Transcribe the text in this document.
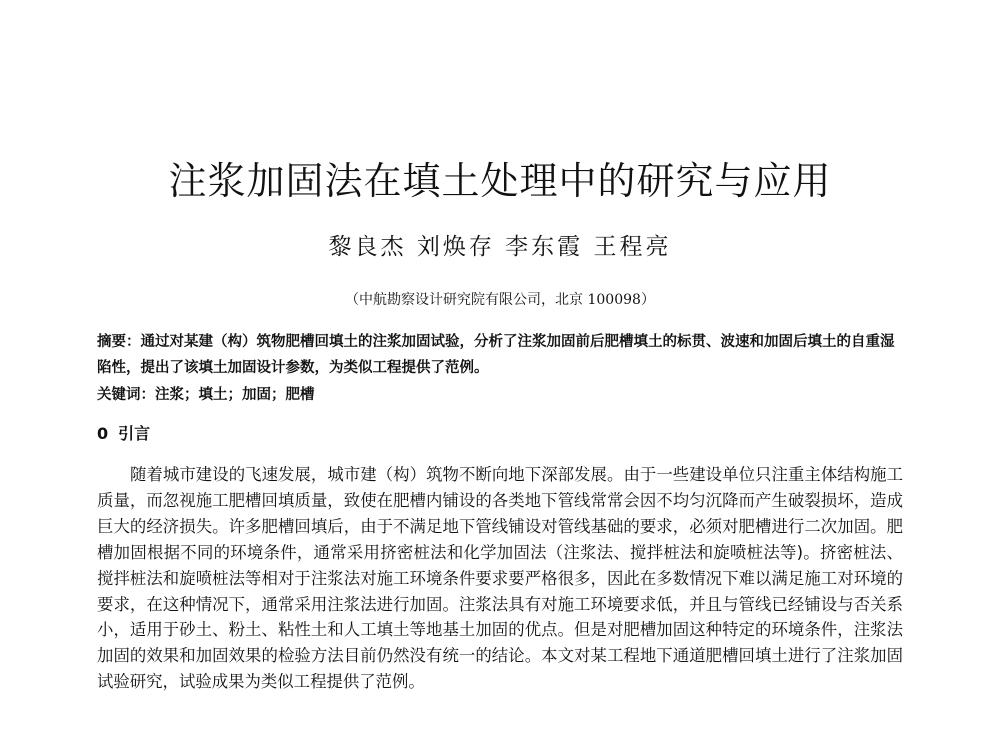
注浆加固法在填土处理中的研究与应用
黎良杰 刘焕存 李东霞 王程亮
（中航勘察设计研究院有限公司，北京 100098）
摘要：通过对某建（构）筑物肥槽回填土的注浆加固试验，分析了注浆加固前后肥槽填土的标贯、波速和加固后填土的自重湿陷性，提出了该填土加固设计参数，为类似工程提供了范例。
关键词：注浆；填土；加固；肥槽
0 引言
随着城市建设的飞速发展，城市建（构）筑物不断向地下深部发展。由于一些建设单位只注重主体结构施工质量，而忽视施工肥槽回填质量，致使在肥槽内铺设的各类地下管线常常会因不均匀沉降而产生破裂损坏，造成巨大的经济损失。许多肥槽回填后，由于不满足地下管线铺设对管线基础的要求，必须对肥槽进行二次加固。肥槽加固根据不同的环境条件，通常采用挤密桩法和化学加固法（注浆法、搅拌桩法和旋喷桩法等)。挤密桩法、搅拌桩法和旋喷桩法等相对于注浆法对施工环境条件要求要严格很多，因此在多数情况下难以满足施工对环境的要求，在这种情况下，通常采用注浆法进行加固。注浆法具有对施工环境要求低，并且与管线已经铺设与否关系小，适用于砂土、粉土、粘性土和人工填土等地基土加固的优点。但是对肥槽加固这种特定的环境条件，注浆法加固的效果和加固效果的检验方法目前仍然没有统一的结论。本文对某工程地下通道肥槽回填土进行了注浆加固试验研究，试验成果为类似工程提供了范例。
